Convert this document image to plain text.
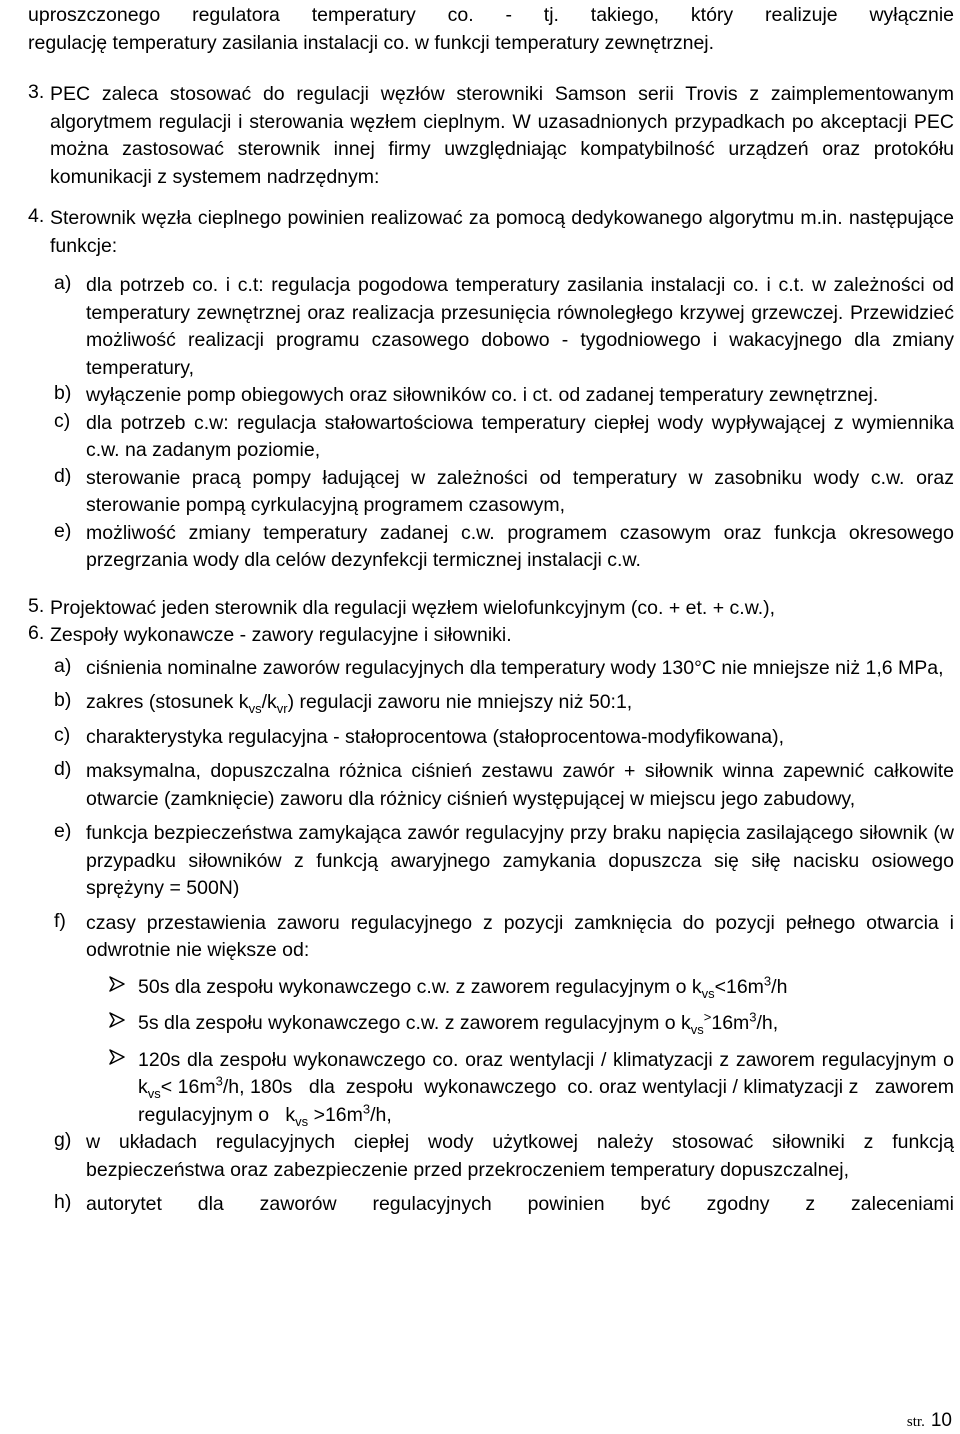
uproszczonego regulatora temperatury co. - tj. takiego, który realizuje wyłącznie

regulację temperatury zasilania instalacji co. w funkcji temperatury zewnętrznej.

3. PEC zaleca stosować do regulacji węzłów sterowniki Samson serii Trovis z zaimplementowanym algorytmem regulacji i sterowania węzłem cieplnym. W uzasadnionych przypadkach po akceptacji PEC można zastosować sterownik innej firmy uwzględniając kompatybilność urządzeń oraz protokółu komunikacji z systemem nadrzędnym:

4. Sterownik węzła cieplnego powinien realizować za pomocą dedykowanego algorytmu m.in. następujące funkcje:

a) dla potrzeb co. i c.t: regulacja pogodowa temperatury zasilania instalacji co. i c.t. w zależności od temperatury zewnętrznej oraz realizacja przesunięcia równoległego krzywej grzewczej. Przewidzieć możliwość realizacji programu czasowego dobowo - tygodniowego i wakacyjnego dla zmiany temperatury,

b) wyłączenie pomp obiegowych oraz siłowników co. i ct. od zadanej temperatury zewnętrznej.

c) dla potrzeb c.w: regulacja stałowartościowa temperatury ciepłej wody wypływającej z wymiennika c.w. na zadanym poziomie,

d) sterowanie pracą pompy ładującej w zależności od temperatury w zasobniku wody c.w. oraz sterowanie pompą cyrkulacyjną programem czasowym,

e) możliwość zmiany temperatury zadanej c.w. programem czasowym oraz funkcja okresowego przegrzania wody dla celów dezynfekcji termicznej instalacji c.w.

5. Projektować jeden sterownik dla regulacji węzłem wielofunkcyjnym (co. + et. + c.w.),

6. Zespoły wykonawcze - zawory regulacyjne i siłowniki.

a) ciśnienia nominalne zaworów regulacyjnych dla temperatury wody 130°C nie mniejsze niż 1,6 MPa,

b) zakres (stosunek $k_{vs}/k_{vr}$) regulacji zaworu nie mniejszy niż 50:1,

c) charakterystyka regulacyjna - stałoprocentowa (stałoprocentowa-modyfikowana),

d) maksymalna, dopuszczalna różnica ciśnień zestawu zawór + siłownik winna zapewnić całkowite otwarcie (zamknięcie) zaworu dla różnicy ciśnień występującej w miejscu jego zabudowy,

e) funkcja bezpieczeństwa zamykająca zawór regulacyjny przy braku napięcia zasilającego siłownik (w przypadku siłowników z funkcją awaryjnego zamykania dopuszcza się siłę nacisku osiowego sprężyny = 500N)

f)	czasy przestawienia zaworu regulacyjnego z pozycji zamknięcia do pozycji pełnego otwarcia i odwrotnie nie większe od:

50s dla zespołu wykonawczego c.w. z zaworem regulacyjnym o $k_{vs}<16m^3/h$

5s dla zespołu wykonawczego c.w. z zaworem regulacyjnym o $k_{vs}^>16m^3/h$,

120s dla zespołu wykonawczego co. oraz wentylacji / klimatyzacji z zaworem regulacyjnym o $k_{vs}< 16m^3/h$, 180s   dla  zespołu  wykonawczego  co. oraz wentylacji / klimatyzacji z   zaworem regulacyjnym o   $k_{vs} >16m^3/h$,

g) w układach regulacyjnych ciepłej wody użytkowej należy stosować siłowniki z funkcją bezpieczeństwa oraz zabezpieczenie przed przekroczeniem temperatury dopuszczalnej,

h) autorytet dla zaworów regulacyjnych powinien być zgodny z zaleceniami

str. 10
